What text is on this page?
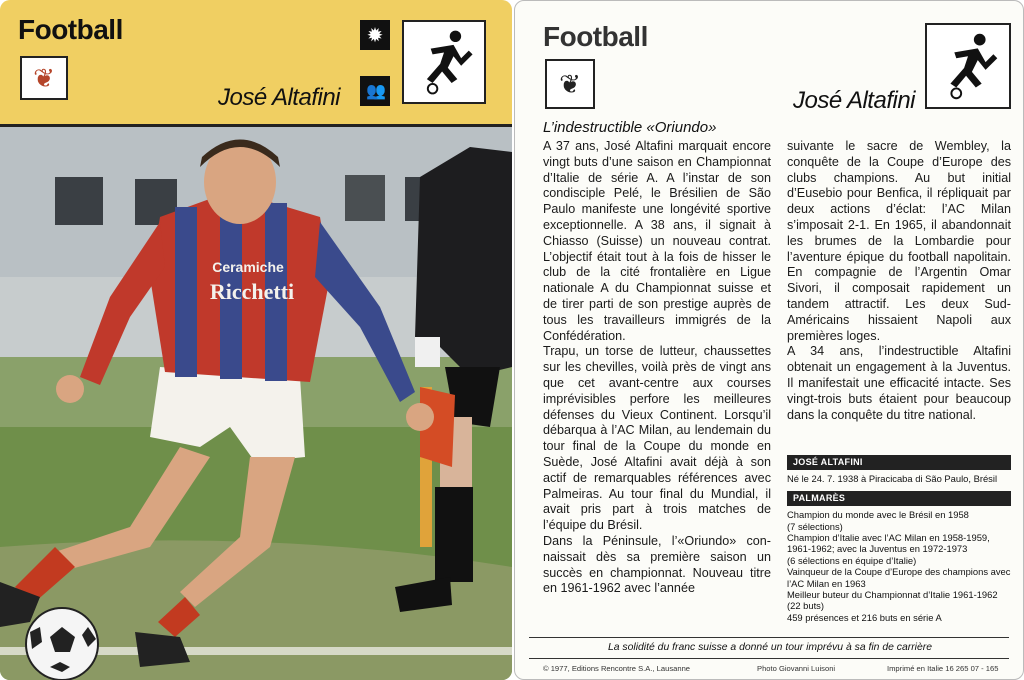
Football
❦
✹
👥
José Altafini
Ceramiche
Ricchetti
Football
❦
José Altafini
L’indestructible «Oriundo»

A 37 ans, José Altafini marquait encore vingt buts d’une saison en Championnat d’Italie de série A. A l’instar de son condisciple Pelé, le Brésilien de São Paulo manifeste une longévité sportive exceptionnelle. A 38 ans, il signait à Chiasso (Suisse) un nouveau contrat. L’objectif était tout à la fois de hisser le club de la cité frontalière en Ligue nationale A du Championnat suisse et de tirer parti de son prestige auprès de tous les travailleurs immigrés de la Confédération.

Trapu, un torse de lutteur, chaussettes sur les chevilles, voilà près de vingt ans que cet avant-centre aux courses imprévisibles perfore les meilleures défenses du Vieux Continent. Lorsqu’il débarqua à l’AC Milan, au lendemain du tour final de la Coupe du monde en Suède, José Altafini avait déjà à son actif de remarquables références avec Palmeiras. Au tour final du Mundial, il avait pris part à trois matches de l’équipe du Brésil.

Dans la Péninsule, l’«Oriundo» connaissait dès sa première saison un succès en championnat. Nouveau titre en 1961-1962 avec l’année

suivante le sacre de Wembley, la conquête de la Coupe d’Europe des clubs champions. Au but initial d’Eusebio pour Benfica, il répliquait par deux actions d’éclat: l’AC Milan s’imposait 2-1. En 1965, il abandonnait les brumes de la Lombardie pour l’aventure épique du football napolitain. En compagnie de l’Argentin Omar Sivori, il composait rapidement un tandem attractif. Les deux Sud-Américains hissaient Napoli aux premières loges.

A 34 ans, l’indestructible Altafini obtenait un engagement à la Juventus. Il manifestait une efficacité intacte. Ses vingt-trois buts étaient pour beaucoup dans la conquête du titre national.

JOSÉ ALTAFINI
Né le 24. 7. 1938 à Piracicaba di São Paulo, Brésil
PALMARÈS
Champion du monde avec le Brésil en 1958
(7 sélections)
Champion d’Italie avec l’AC Milan en 1958-1959,
1961-1962; avec la Juventus en 1972-1973
(6 sélections en équipe d’Italie)
Vainqueur de la Coupe d’Europe des champions avec
l’AC Milan en 1963
Meilleur buteur du Championnat d’Italie 1961-1962
(22 buts)
459 présences et 216 buts en série A
La solidité du franc suisse a donné un tour imprévu à sa fin de carrière
© 1977, Editions Rencontre S.A., Lausanne	Photo Giovanni Luisoni	Imprimé en Italie 16 265 07 - 165
